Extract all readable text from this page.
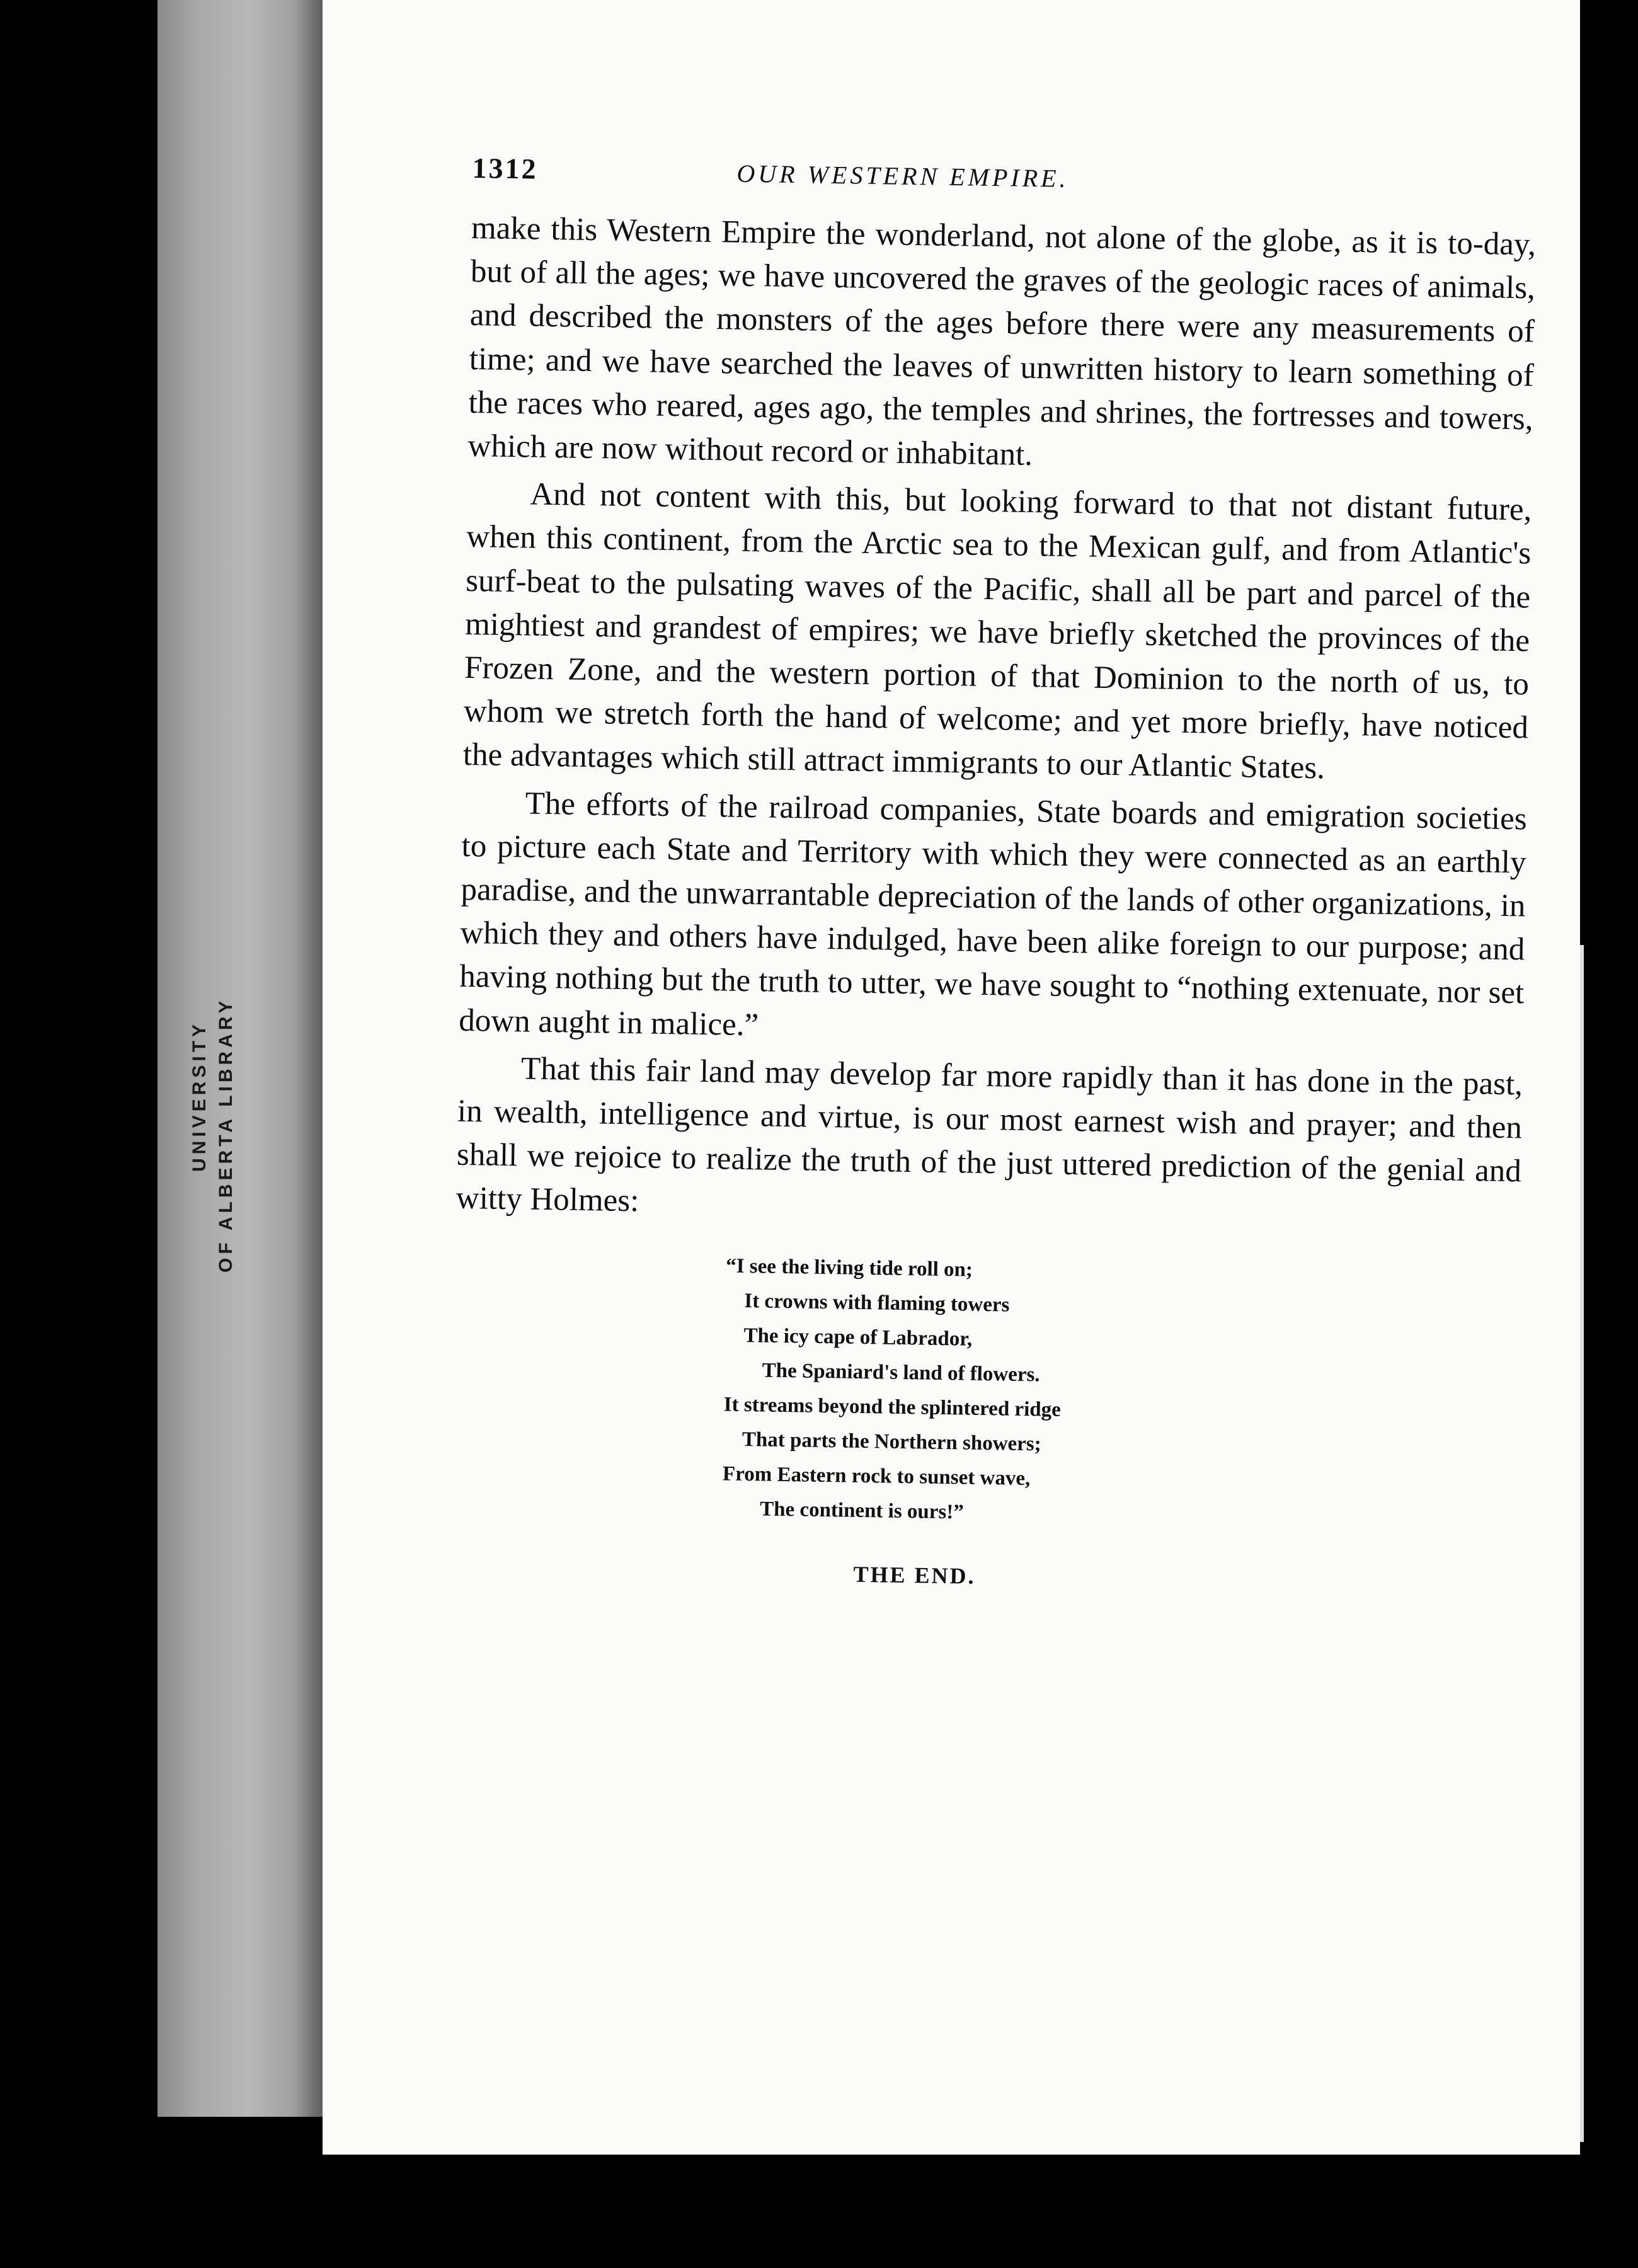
UNIVERSITY OF ALBERTA LIBRARY
1312	OUR WESTERN EMPIRE.

make this Western Empire the wonderland, not alone of the globe, as it is to-day, but of all the ages; we have uncovered the graves of the geologic races of animals, and described the monsters of the ages before there were any measurements of time; and we have searched the leaves of unwritten history to learn something of the races who reared, ages ago, the temples and shrines, the fortresses and towers, which are now without record or inhabitant.

And not content with this, but looking forward to that not distant future, when this continent, from the Arctic sea to the Mexican gulf, and from Atlantic's surf-beat to the pulsating waves of the Pacific, shall all be part and parcel of the mightiest and grandest of empires; we have briefly sketched the provinces of the Frozen Zone, and the western portion of that Dominion to the north of us, to whom we stretch forth the hand of welcome; and yet more briefly, have noticed the advantages which still attract immigrants to our Atlantic States.

The efforts of the railroad companies, State boards and emigration societies to picture each State and Territory with which they were connected as an earthly paradise, and the unwarrantable depreciation of the lands of other organizations, in which they and others have indulged, have been alike foreign to our purpose; and having nothing but the truth to utter, we have sought to “nothing extenuate, nor set down aught in malice.”

That this fair land may develop far more rapidly than it has done in the past, in wealth, intelligence and virtue, is our most earnest wish and prayer; and then shall we rejoice to realize the truth of the just uttered prediction of the genial and witty Holmes:

“I see the living tide roll on;
It crowns with flaming towers
The icy cape of Labrador,
The Spaniard's land of flowers.
It streams beyond the splintered ridge
That parts the Northern showers;
From Eastern rock to sunset wave,
The continent is ours!”
THE END.
